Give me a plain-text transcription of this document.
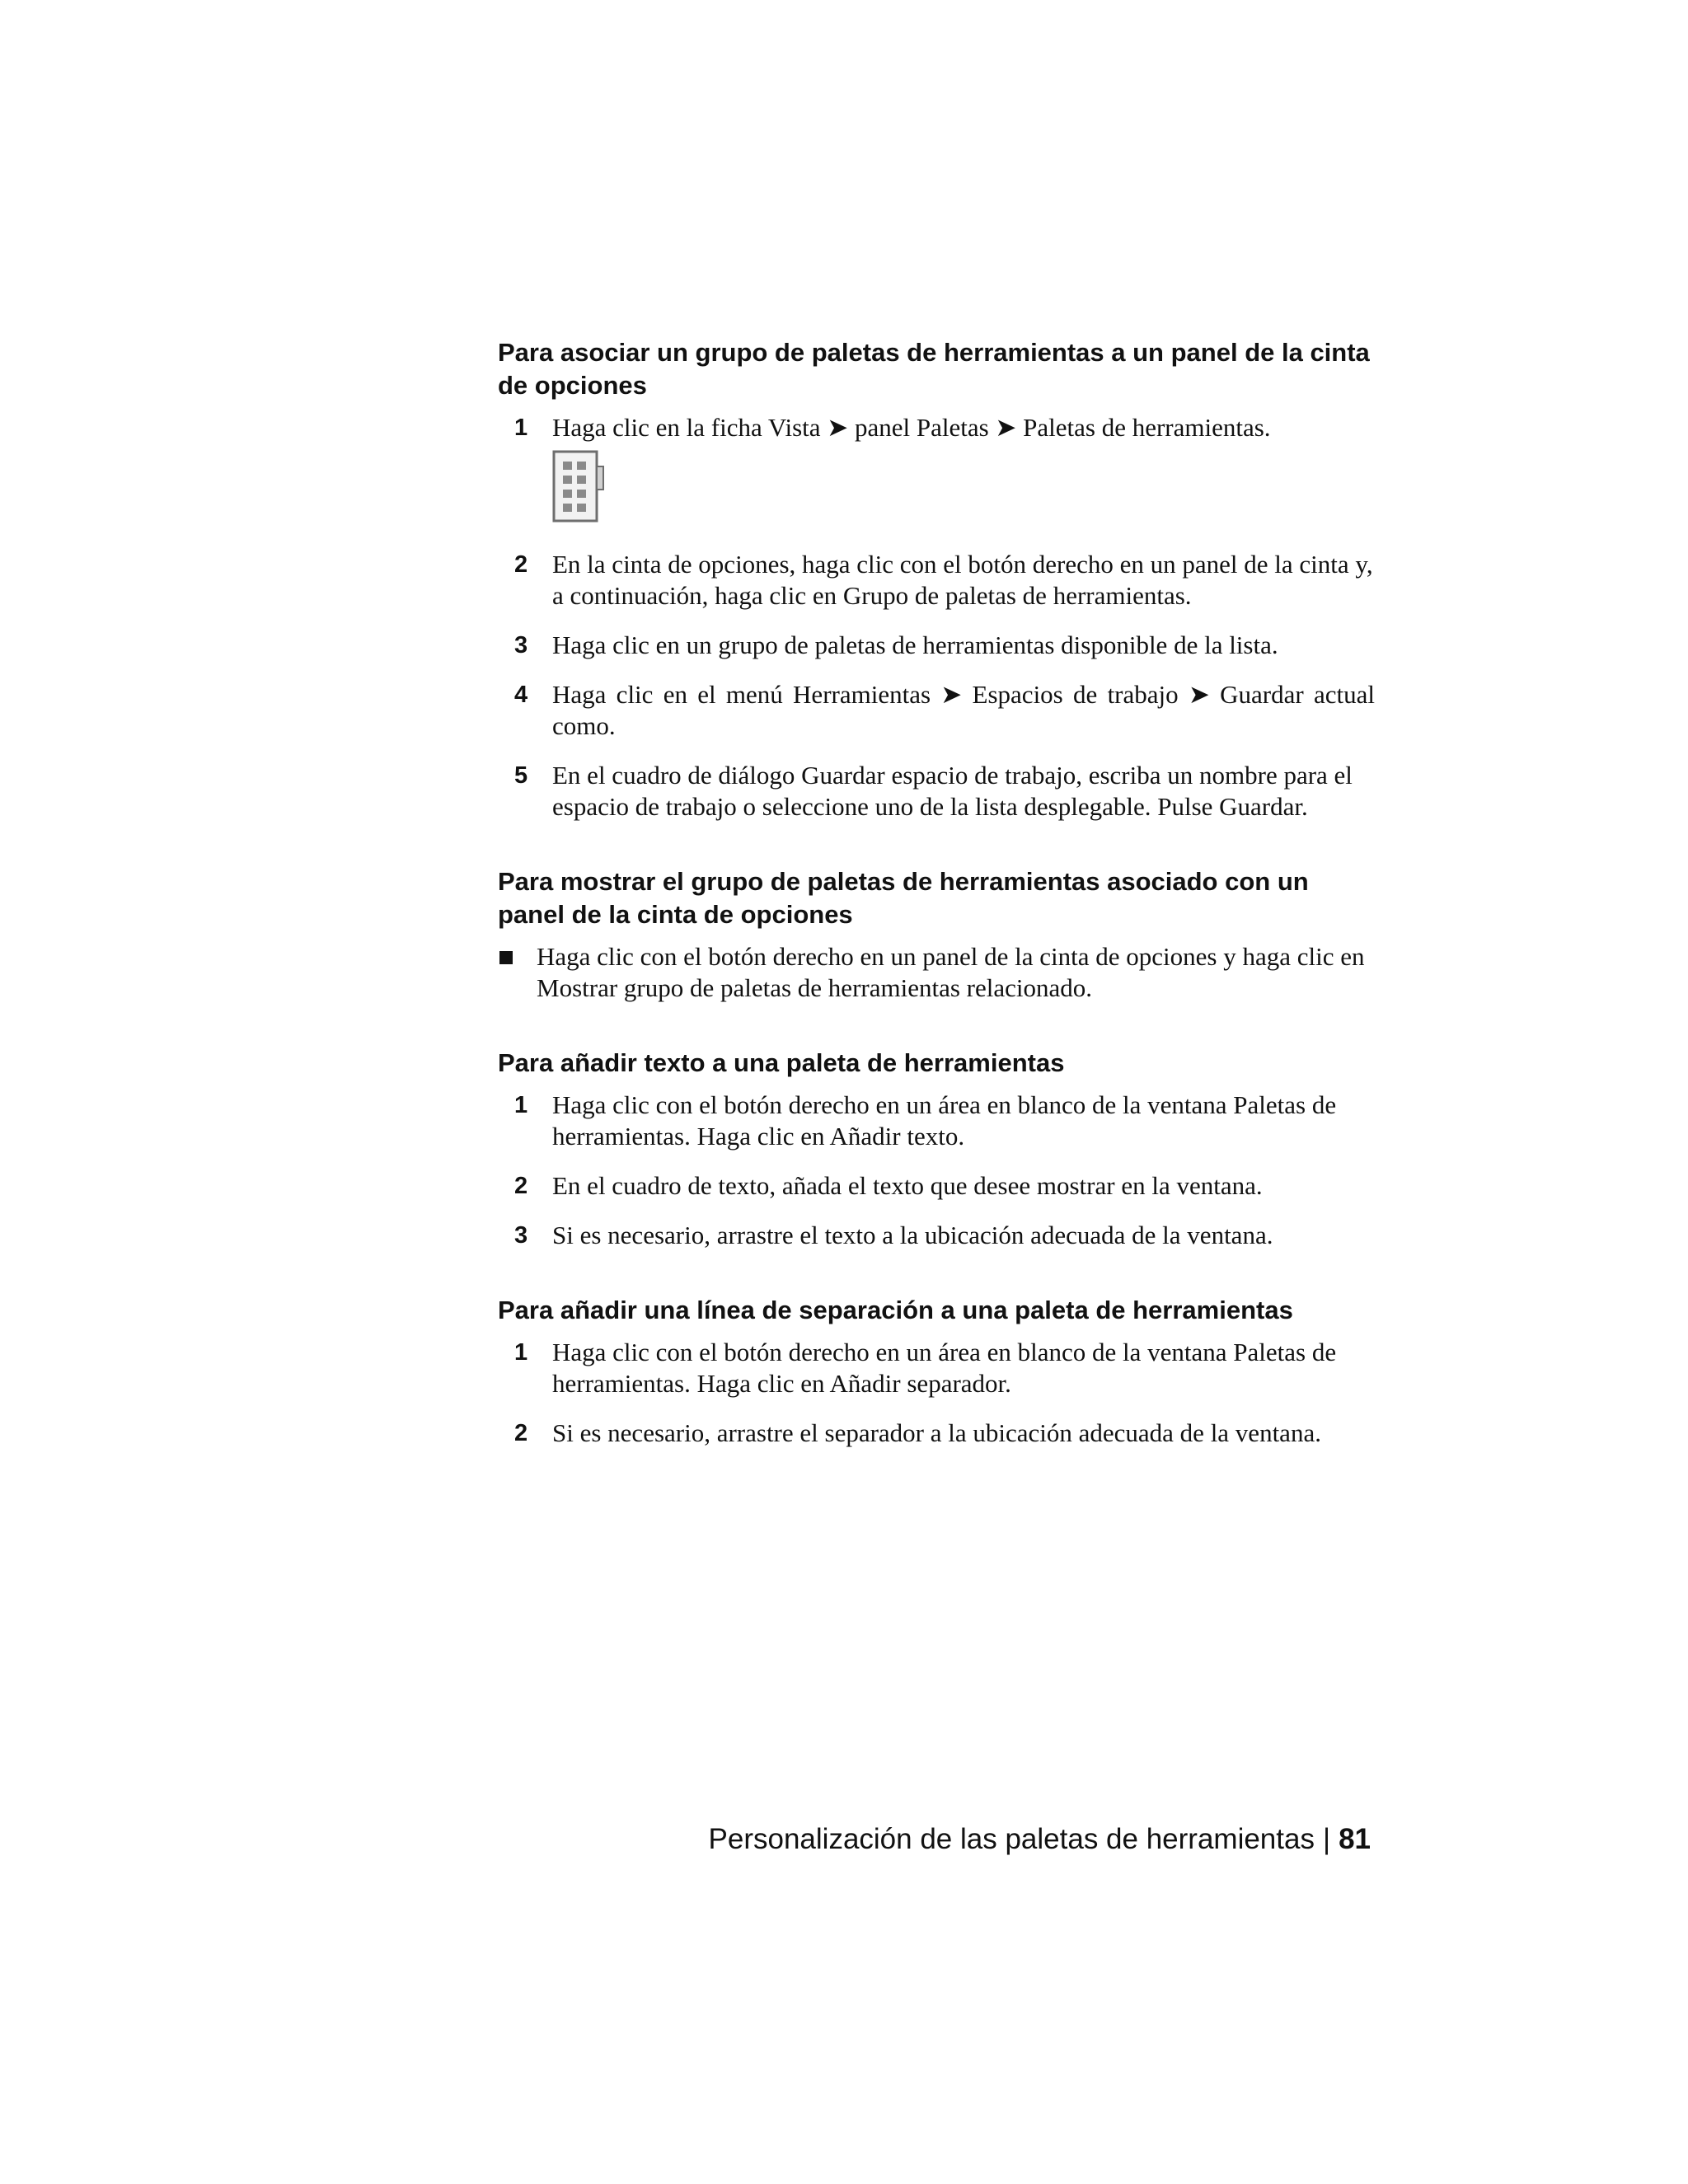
Para asociar un grupo de paletas de herramientas a un panel de la cinta de opciones
1 Haga clic en la ficha Vista ➤ panel Paletas ➤ Paletas de herramientas.
2 En la cinta de opciones, haga clic con el botón derecho en un panel de la cinta y, a continuación, haga clic en Grupo de paletas de herramientas.
3 Haga clic en un grupo de paletas de herramientas disponible de la lista.
4 Haga clic en el menú Herramientas ➤ Espacios de trabajo ➤ Guardar actual como.
5 En el cuadro de diálogo Guardar espacio de trabajo, escriba un nombre para el espacio de trabajo o seleccione uno de la lista desplegable. Pulse Guardar.
Para mostrar el grupo de paletas de herramientas asociado con un panel de la cinta de opciones
Haga clic con el botón derecho en un panel de la cinta de opciones y haga clic en Mostrar grupo de paletas de herramientas relacionado.
Para añadir texto a una paleta de herramientas
1 Haga clic con el botón derecho en un área en blanco de la ventana Paletas de herramientas. Haga clic en Añadir texto.
2 En el cuadro de texto, añada el texto que desee mostrar en la ventana.
3 Si es necesario, arrastre el texto a la ubicación adecuada de la ventana.
Para añadir una línea de separación a una paleta de herramientas
1 Haga clic con el botón derecho en un área en blanco de la ventana Paletas de herramientas. Haga clic en Añadir separador.
2 Si es necesario, arrastre el separador a la ubicación adecuada de la ventana.
Personalización de las paletas de herramientas | 81
